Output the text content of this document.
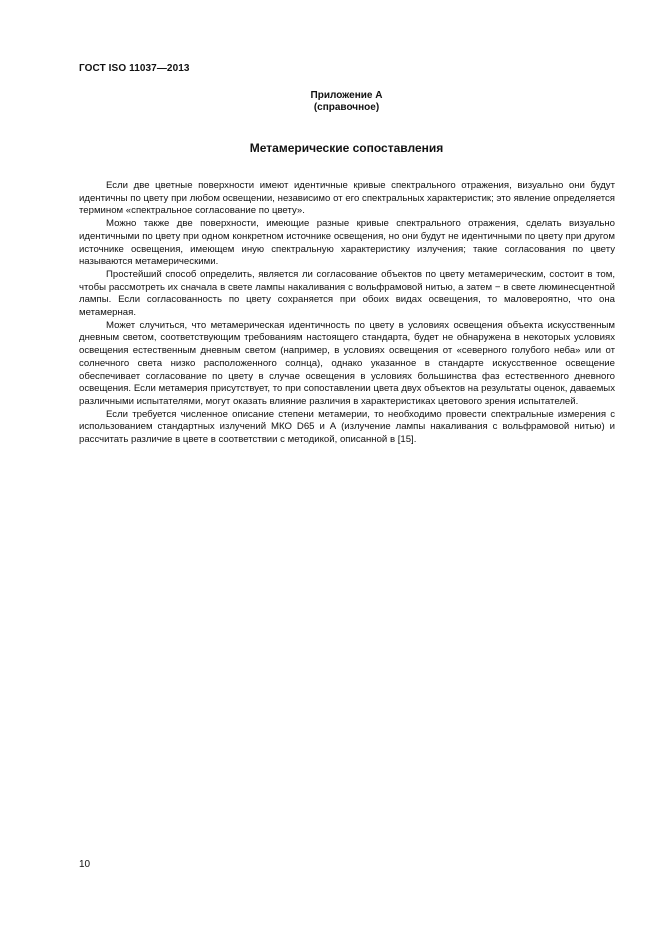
ГОСТ ISO 11037—2013
Приложение А
(справочное)
Метамерические сопоставления

Если две цветные поверхности имеют идентичные кривые спектрального отражения, визуально они будут идентичны по цвету при любом освещении, независимо от его спектральных характеристик; это явление определяется термином «спектральное согласование по цвету».

Можно также две поверхности, имеющие разные кривые спектрального отражения, сделать визуально идентичными по цвету при одном конкретном источнике освещения, но они будут не идентичными по цвету при другом источнике освещения, имеющем иную спектральную характеристику излучения; такие согласования по цвету называются метамерическими.

Простейший способ определить, является ли согласование объектов по цвету метамерическим, состоит в том, чтобы рассмотреть их сначала в свете лампы накаливания с вольфрамовой нитью, а затем − в свете люминесцентной лампы. Если согласованность по цвету сохраняется при обоих видах освещения, то маловероятно, что она метамерная.

Может случиться, что метамерическая идентичность по цвету в условиях освещения объекта искусственным дневным светом, соответствующим требованиям настоящего стандарта, будет не обнаружена в некоторых условиях освещения естественным дневным светом (например, в условиях освещения от «северного голубого неба» или от солнечного света низко расположенного солнца), однако указанное в стандарте искусственное освещение обеспечивает согласование по цвету в случае освещения в условиях большинства фаз естественного дневного освещения. Если метамерия присутствует, то при сопоставлении цвета двух объектов на результаты оценок, даваемых различными испытателями, могут оказать влияние различия в характеристиках цветового зрения испытателей.

Если требуется численное описание степени метамерии, то необходимо провести спектральные измерения с использованием стандартных излучений МКО D65 и А (излучение лампы накаливания с вольфрамовой нитью) и рассчитать различие в цвете в соответствии с методикой, описанной в [15].

10
